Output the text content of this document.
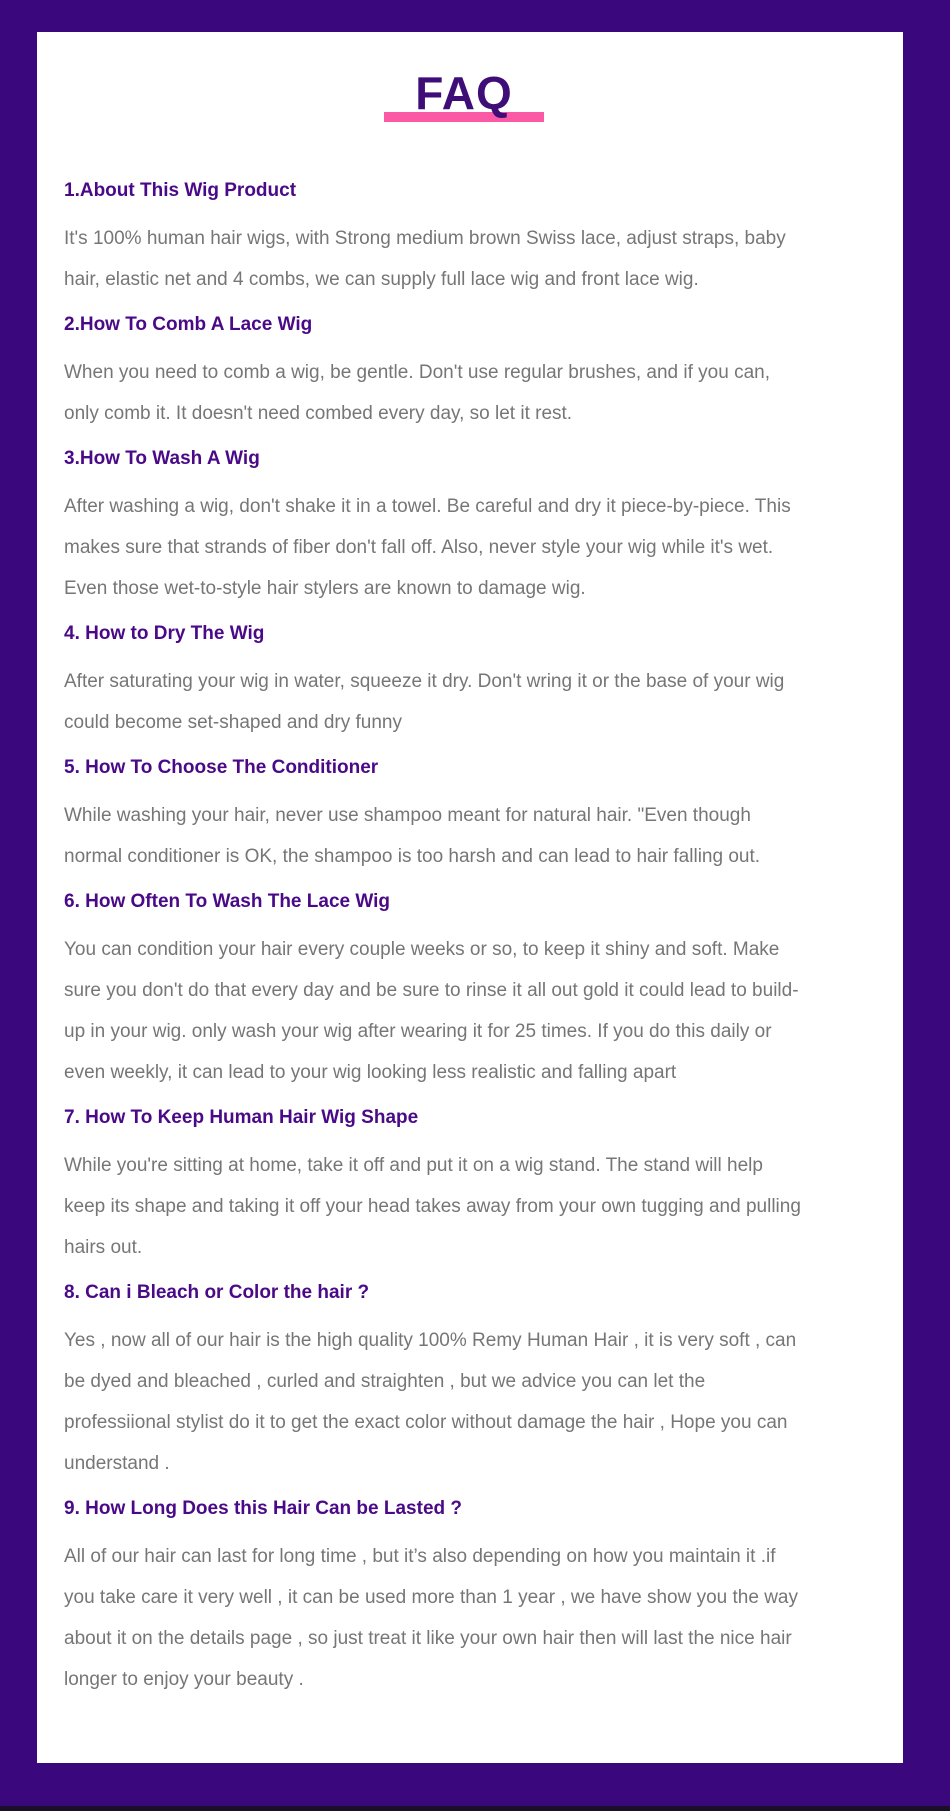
FAQ
1.About This Wig Product

It's 100% human hair wigs, with Strong medium brown Swiss lace, adjust straps, baby hair, elastic net and 4 combs, we can supply full lace wig and front lace wig.

2.How To Comb A Lace Wig

When you need to comb a wig, be gentle. Don't use regular brushes, and if you can, only comb it. It doesn't need combed every day, so let it rest.

3.How To Wash A Wig

After washing a wig, don't shake it in a towel. Be careful and dry it piece-by-piece. This makes sure that strands of fiber don't fall off. Also, never style your wig while it's wet. Even those wet-to-style hair stylers are known to damage wig.

4. How to Dry The Wig

After saturating your wig in water, squeeze it dry. Don't wring it or the base of your wig could become set-shaped and dry funny

5. How To Choose The Conditioner

While washing your hair, never use shampoo meant for natural hair. "Even though normal conditioner is OK, the shampoo is too harsh and can lead to hair falling out.

6. How Often To Wash The Lace Wig

You can condition your hair every couple weeks or so, to keep it shiny and soft. Make sure you don't do that every day and be sure to rinse it all out gold it could lead to build-up in your wig. only wash your wig after wearing it for 25 times. If you do this daily or even weekly, it can lead to your wig looking less realistic and falling apart

7. How To Keep Human Hair Wig Shape

While you're sitting at home, take it off and put it on a wig stand. The stand will help keep its shape and taking it off your head takes away from your own tugging and pulling hairs out.

8. Can i Bleach or Color the hair ?

Yes , now all of our hair is the high quality 100% Remy Human Hair , it is very soft , can be dyed and bleached , curled and straighten , but we advice you can let the professiional stylist do it to get the exact color without damage the hair , Hope you can understand .

9. How Long Does this Hair Can be Lasted ?

All of our hair can last for long time , but it’s also depending on how you maintain it .if you take care it very well , it can be used more than 1 year , we have show you the way about it on the details page , so just treat it like your own hair then will last the nice hair longer to enjoy your beauty .
